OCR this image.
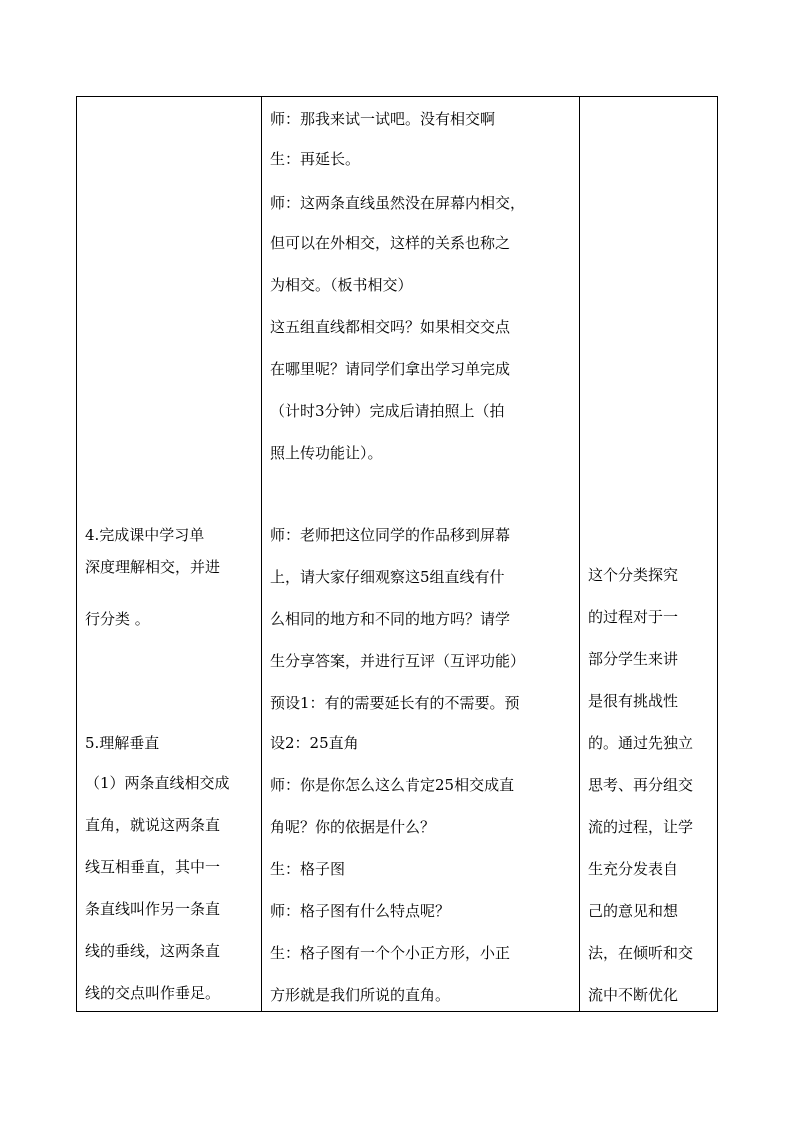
4.完成课中学习单
深度理解相交，并进
行分类 。
5.理解垂直
（1）两条直线相交成
直角，就说这两条直
线互相垂直，其中一
条直线叫作另一条直
线的垂线，这两条直
线的交点叫作垂足。
师：那我来试一试吧。没有相交啊
生：再延长。
师：这两条直线虽然没在屏幕内相交，
但可以在外相交，这样的关系也称之
为相交。（板书相交）
这五组直线都相交吗？如果相交交点
在哪里呢？请同学们拿出学习单完成
（计时3分钟）完成后请拍照上（拍
照上传功能让）。
师：老师把这位同学的作品移到屏幕
上，请大家仔细观察这5组直线有什
么相同的地方和不同的地方吗？请学
生分享答案，并进行互评（互评功能）
预设1：有的需要延长有的不需要。预
设2：25直角
师：你是你怎么这么肯定25相交成直
角呢？你的依据是什么？
生：格子图
师：格子图有什么特点呢？
生：格子图有一个个小正方形，小正
方形就是我们所说的直角。
这个分类探究
的过程对于一
部分学生来讲
是很有挑战性
的。通过先独立
思考、再分组交
流的过程，让学
生充分发表自
己的意见和想
法，在倾听和交
流中不断优化
